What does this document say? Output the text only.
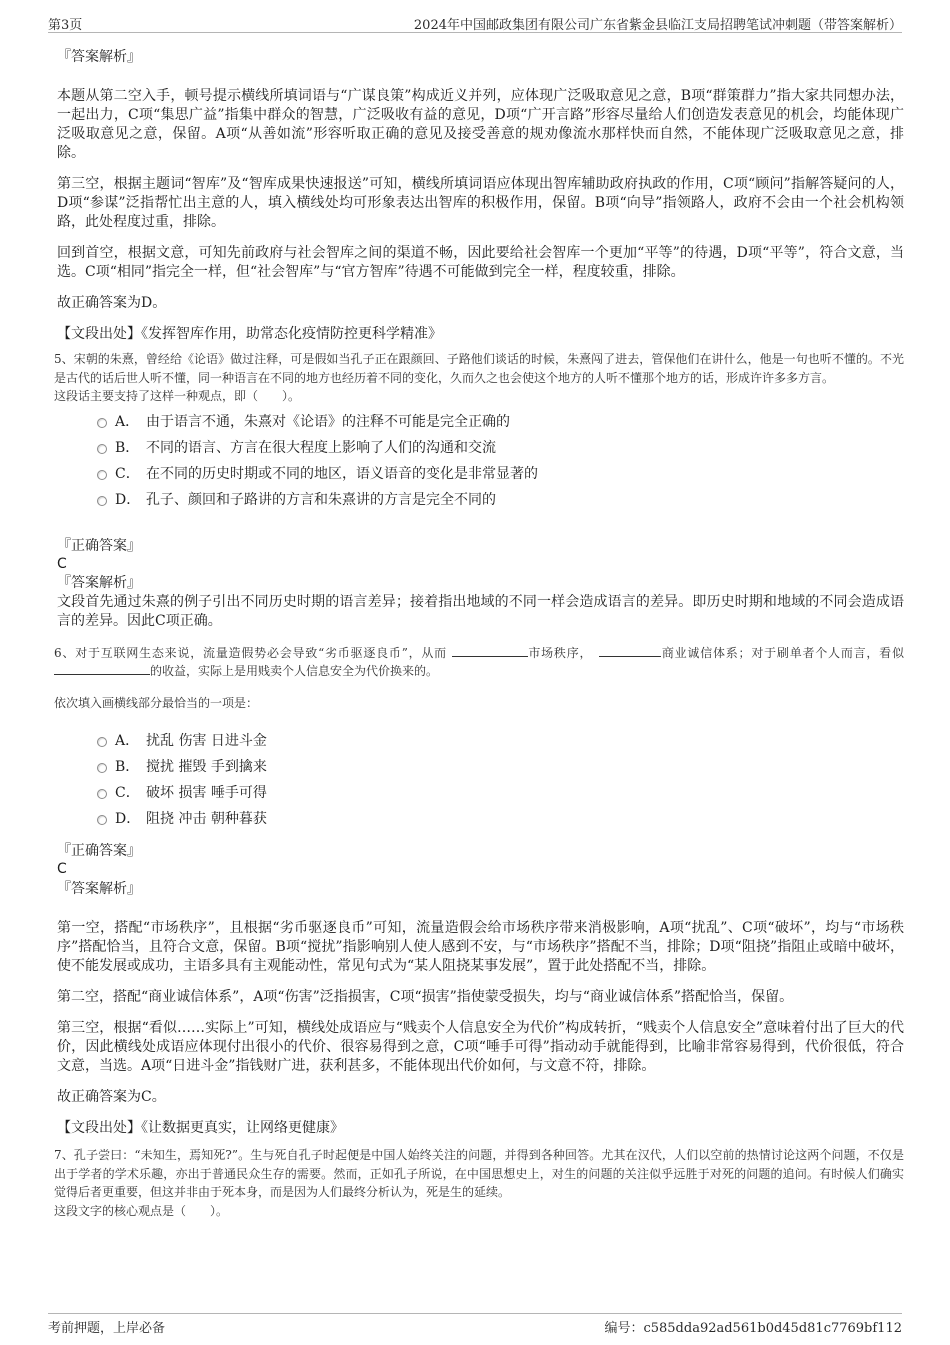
第3页	2024年中国邮政集团有限公司广东省紫金县临江支局招聘笔试冲刺题（带答案解析）

『答案解析』

本题从第二空入手，顿号提示横线所填词语与“广谋良策”构成近义并列，应体现广泛吸取意见之意，B项“群策群力”指大家共同想办法，一起出力，C项“集思广益”指集中群众的智慧，广泛吸收有益的意见，D项“广开言路”形容尽量给人们创造发表意见的机会，均能体现广泛吸取意见之意，保留。A项“从善如流”形容听取正确的意见及接受善意的规劝像流水那样快而自然，不能体现广泛吸取意见之意，排除。

第三空，根据主题词“智库”及“智库成果快速报送”可知，横线所填词语应体现出智库辅助政府执政的作用，C项“顾问”指解答疑问的人，D项“参谋”泛指帮忙出主意的人，填入横线处均可形象表达出智库的积极作用，保留。B项“向导”指领路人，政府不会由一个社会机构领路，此处程度过重，排除。

回到首空，根据文意，可知先前政府与社会智库之间的渠道不畅，因此要给社会智库一个更加“平等”的待遇，D项“平等”，符合文意，当选。C项“相同”指完全一样，但“社会智库”与“官方智库”待遇不可能做到完全一样，程度较重，排除。

故正确答案为D。

【文段出处】《发挥智库作用，助常态化疫情防控更科学精准》

5、宋朝的朱熹，曾经给《论语》做过注释，可是假如当孔子正在跟颜回、子路他们谈话的时候，朱熹闯了进去，管保他们在讲什么，他是一句也听不懂的。不光是古代的话后世人听不懂，同一种语言在不同的地方也经历着不同的变化，久而久之也会使这个地方的人听不懂那个地方的话，形成许许多多方言。

这段话主要支持了这样一种观点，即（　　）。

A． 由于语言不通，朱熹对《论语》的注释不可能是完全正确的
B． 不同的语言、方言在很大程度上影响了人们的沟通和交流
C． 在不同的历史时期或不同的地区，语义语音的变化是非常显著的
D． 孔子、颜回和子路讲的方言和朱熹讲的方言是完全不同的

『正确答案』

C

『答案解析』

文段首先通过朱熹的例子引出不同历史时期的语言差异；接着指出地域的不同一样会造成语言的差异。即历史时期和地域的不同会造成语言的差异。因此C项正确。

6、对于互联网生态来说，流量造假势必会导致“劣币驱逐良币”，从而	市场秩序，　	商业诚信体系；对于刷单者个人而言，看似 的收益，实际上是用贱卖个人信息安全为代价换来的。

依次填入画横线部分最恰当的一项是：

A． 扰乱 伤害 日进斗金
B． 搅扰 摧毁 手到擒来
C． 破坏 损害 唾手可得
D． 阻挠 冲击 朝种暮获

『正确答案』

C

『答案解析』

第一空，搭配“市场秩序”，且根据“劣币驱逐良币”可知，流量造假会给市场秩序带来消极影响，A项“扰乱”、C项“破坏”，均与“市场秩序”搭配恰当，且符合文意，保留。B项“搅扰”指影响别人使人感到不安，与“市场秩序”搭配不当，排除；D项“阻挠”指阻止或暗中破坏，使不能发展或成功，主语多具有主观能动性，常见句式为“某人阻挠某事发展”，置于此处搭配不当，排除。

第二空，搭配“商业诚信体系”，A项“伤害”泛指损害，C项“损害”指使蒙受损失，均与“商业诚信体系”搭配恰当，保留。

第三空，根据“看似……实际上”可知，横线处成语应与“贱卖个人信息安全为代价”构成转折，“贱卖个人信息安全”意味着付出了巨大的代价，因此横线处成语应体现付出很小的代价、很容易得到之意，C项“唾手可得”指动动手就能得到，比喻非常容易得到，代价很低，符合文意，当选。A项“日进斗金”指钱财广进，获利甚多，不能体现出代价如何，与文意不符，排除。

故正确答案为C。

【文段出处】《让数据更真实，让网络更健康》

7、孔子尝曰：“未知生，焉知死?”。生与死自孔子时起便是中国人始终关注的问题，并得到各种回答。尤其在汉代，人们以空前的热情讨论这两个问题，不仅是出于学者的学术乐趣，亦出于普通民众生存的需要。然而，正如孔子所说，在中国思想史上，对生的问题的关注似乎远胜于对死的问题的追问。有时候人们确实觉得后者更重要，但这并非由于死本身，而是因为人们最终分析认为，死是生的延续。

这段文字的核心观点是（　　）。

考前押题，上岸必备	编号：c585dda92ad561b0d45d81c7769bf112
